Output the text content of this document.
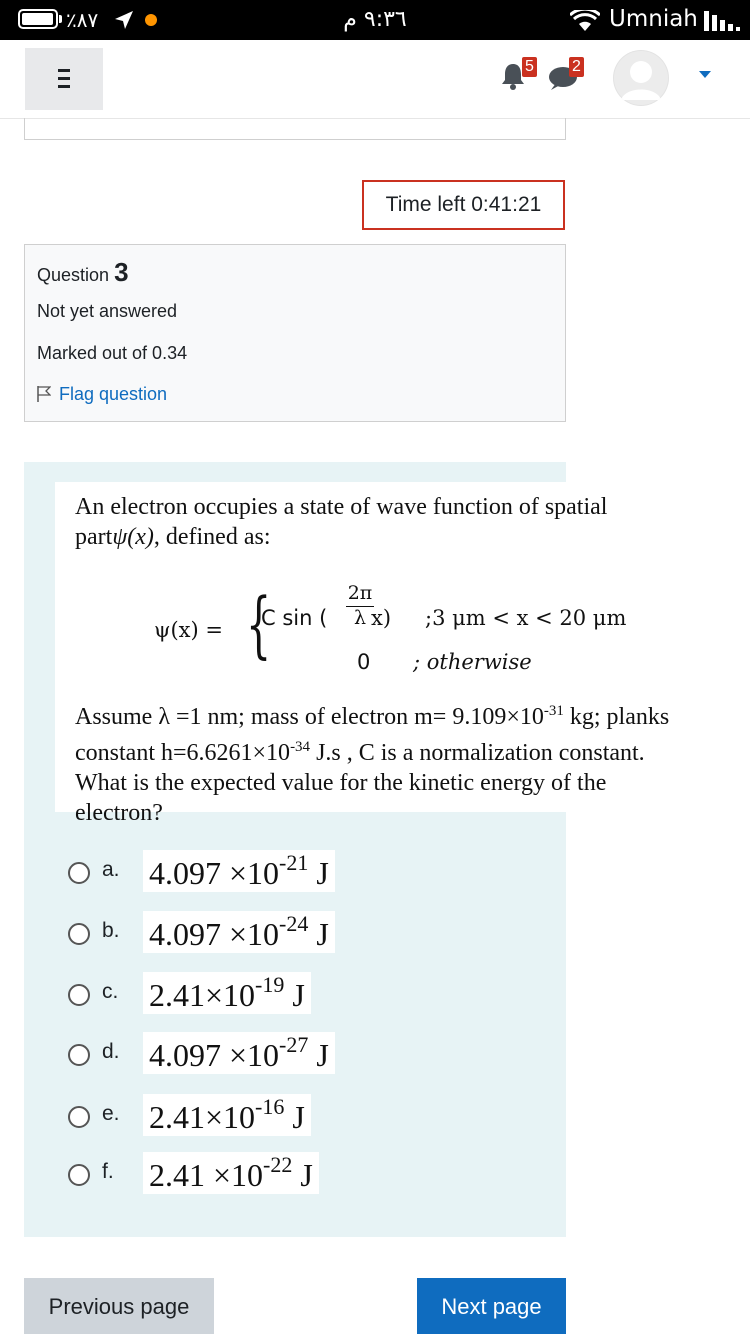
٪٨٧	٩:٣٦ م	Umniah
5 2
Time left 0:41:21
Question 3
Not yet answered
Marked out of 0.34
Flag question

An electron occupies a state of wave function of spatial partψ(x), defined as:

ψ(x) = {
C sin ( $\frac{2\pi}{\lambda}$
x) ;3 μm < x < 20 μm
0 ; otherwise

Assume λ =1 nm; mass of electron $m= 9.109\times 10^{-31}$ kg; planks constant $h=6.6261\times 10^{-34}$ J.s , C is a normalization constant. What is the expected value for the kinetic energy of the electron?

a. $4.097 \times 10^{-21}$ J
b. $4.097 \times 10^{-24}$ J
c. $2.41\times 10^{-19}$ J
d. $4.097 \times 10^{-27}$ J
e. $2.41\times 10^{-16}$ J
f. $2.41 \times 10^{-22}$ J
Previous page	Next page
